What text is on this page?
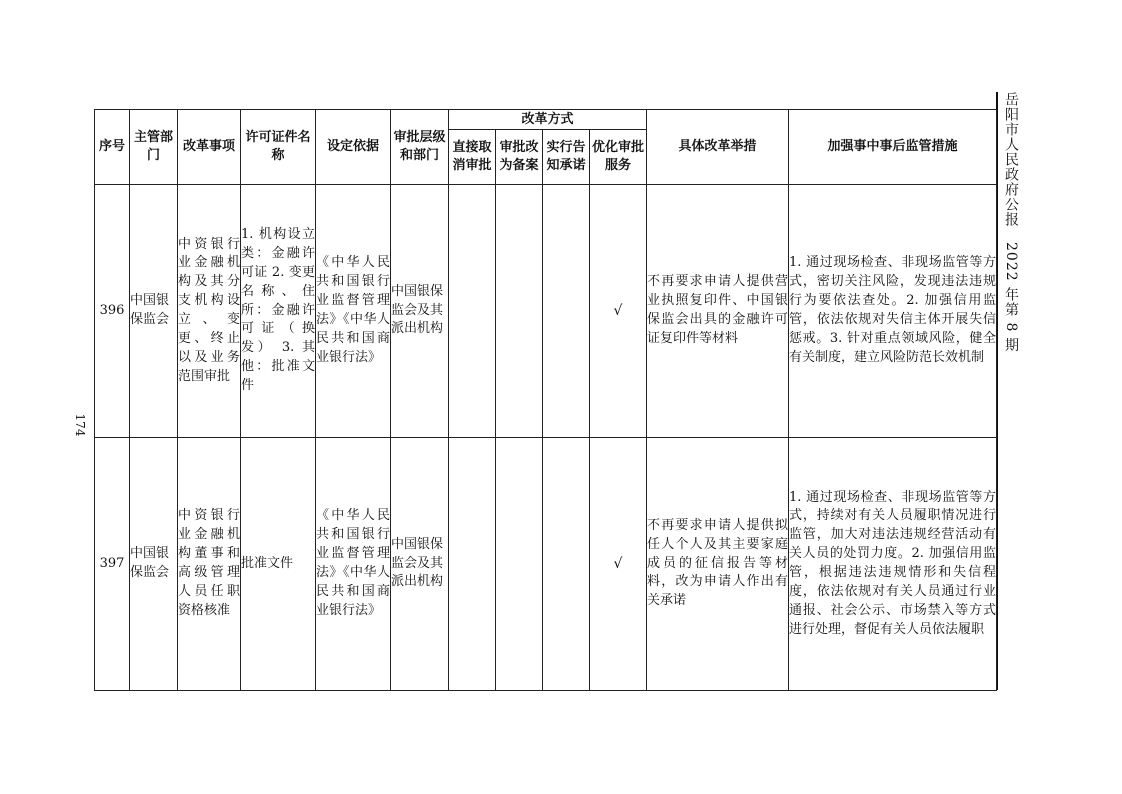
174
岳阳市人民政府公报　2022 年第 8 期
序号	主管部门	改革事项	许可证件名称	设定依据	审批层级和部门	改革方式				具体改革举措	加强事中事后监管措施
						直接取消审批	审批改为备案	实行告知承诺	优化审批服务		
396	中国银保监会	中资银行业金融机构及其分支机构设立、变更、终止以及业务范围审批	1. 机构设立类：金融许可证 2. 变更名称、住所：金融许可证（换发） 3. 其他：批准文件	《中华人民共和国银行业监督管理法》《中华人民共和国商业银行法》	中国银保监会及其派出机构				√	不再要求申请人提供营业执照复印件、中国银保监会出具的金融许可证复印件等材料	1. 通过现场检查、非现场监管等方式，密切关注风险，发现违法违规行为要依法查处。2. 加强信用监管，依法依规对失信主体开展失信惩戒。3. 针对重点领域风险，健全有关制度，建立风险防范长效机制
397	中国银保监会	中资银行业金融机构董事和高级管理人员任职资格核准	批准文件	《中华人民共和国银行业监督管理法》《中华人民共和国商业银行法》	中国银保监会及其派出机构				√	不再要求申请人提供拟任人个人及其主要家庭成员的征信报告等材料，改为申请人作出有关承诺	1. 通过现场检查、非现场监管等方式，持续对有关人员履职情况进行监管，加大对违法违规经营活动有关人员的处罚力度。2. 加强信用监管，根据违法违规情形和失信程度，依法依规对有关人员通过行业通报、社会公示、市场禁入等方式进行处理，督促有关人员依法履职
